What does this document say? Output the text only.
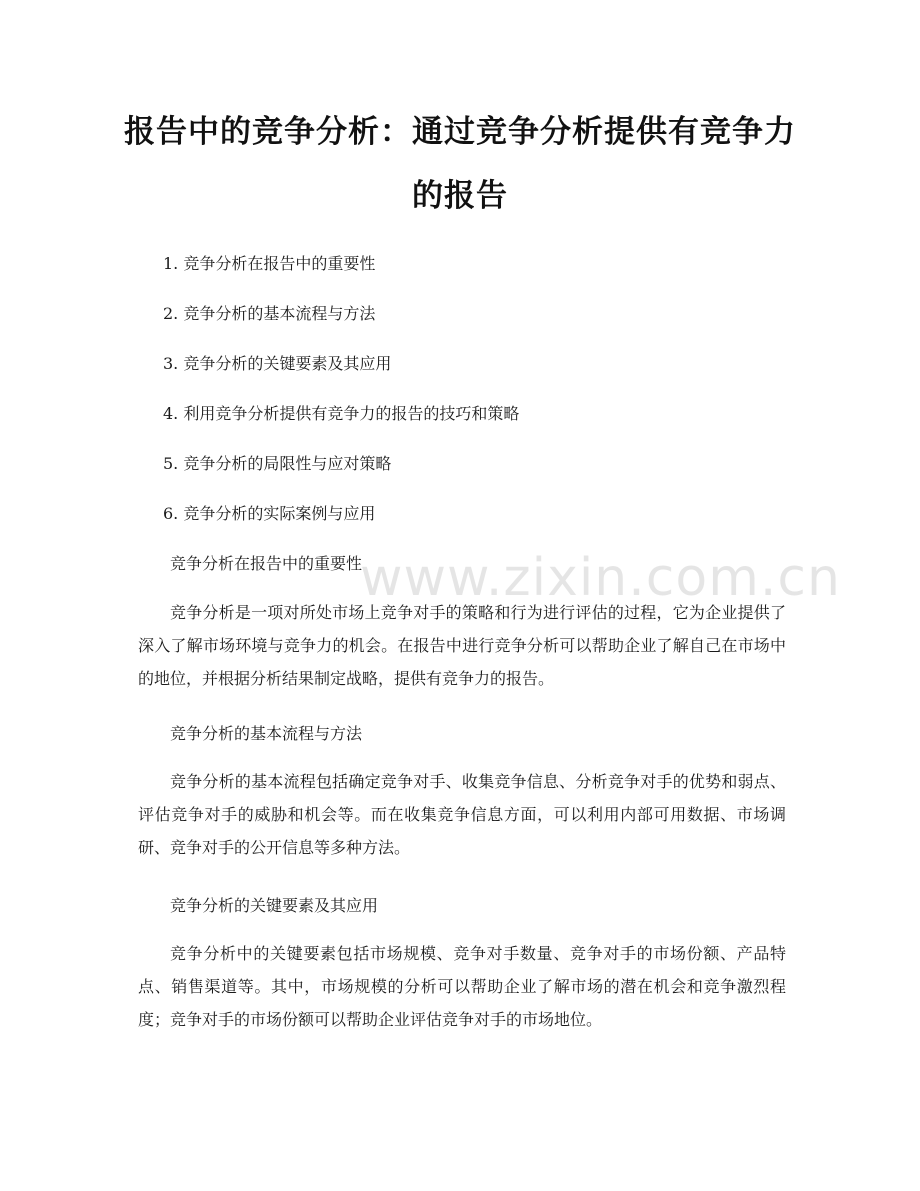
报告中的竞争分析：通过竞争分析提供有竞争力的报告
1. 竞争分析在报告中的重要性
2. 竞争分析的基本流程与方法
3. 竞争分析的关键要素及其应用
4. 利用竞争分析提供有竞争力的报告的技巧和策略
5. 竞争分析的局限性与应对策略
6. 竞争分析的实际案例与应用
www.zixin.com.cn
竞争分析在报告中的重要性

竞争分析是一项对所处市场上竞争对手的策略和行为进行评估的过程，它为企业提供了深入了解市场环境与竞争力的机会。在报告中进行竞争分析可以帮助企业了解自己在市场中的地位，并根据分析结果制定战略，提供有竞争力的报告。

竞争分析的基本流程与方法

竞争分析的基本流程包括确定竞争对手、收集竞争信息、分析竞争对手的优势和弱点、评估竞争对手的威胁和机会等。而在收集竞争信息方面，可以利用内部可用数据、市场调研、竞争对手的公开信息等多种方法。

竞争分析的关键要素及其应用

竞争分析中的关键要素包括市场规模、竞争对手数量、竞争对手的市场份额、产品特点、销售渠道等。其中，市场规模的分析可以帮助企业了解市场的潜在机会和竞争激烈程度；竞争对手的市场份额可以帮助企业评估竞争对手的市场地位。
